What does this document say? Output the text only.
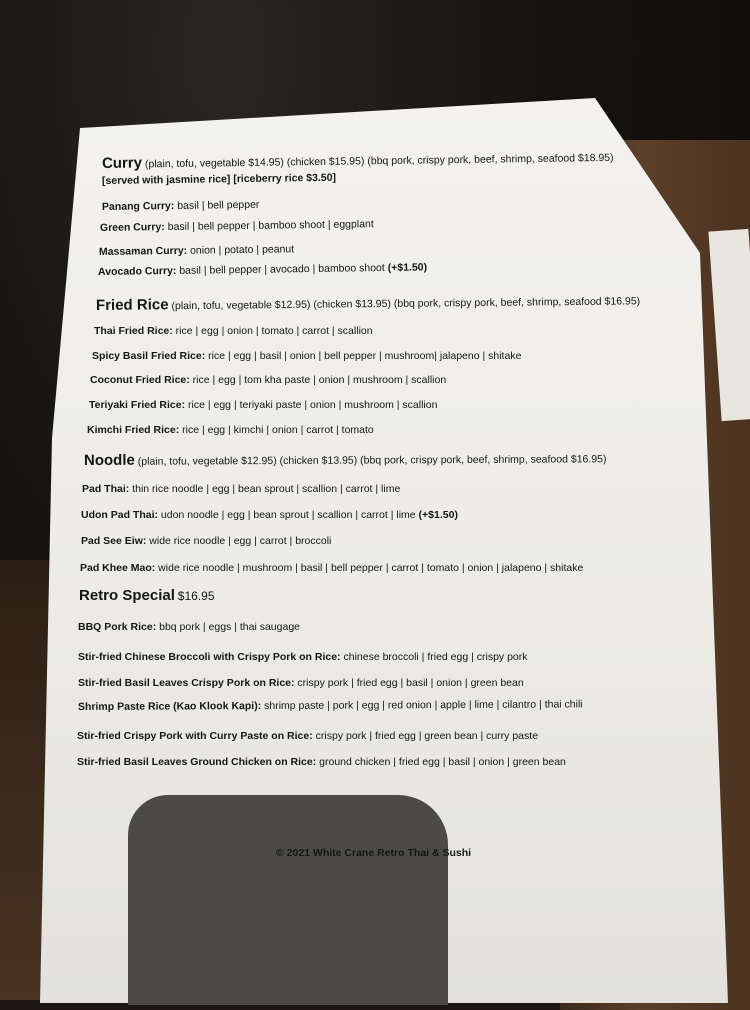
Curry (plain, tofu, vegetable $14.95) (chicken $15.95) (bbq pork, crispy pork, beef, shrimp, seafood $18.95)
[served with jasmine rice] [riceberry rice $3.50]
Panang Curry: basil | bell pepper
Green Curry: basil | bell pepper | bamboo shoot | eggplant
Massaman Curry: onion | potato | peanut
Avocado Curry: basil | bell pepper | avocado | bamboo shoot (+$1.50)
Fried Rice (plain, tofu, vegetable $12.95) (chicken $13.95) (bbq pork, crispy pork, beef, shrimp, seafood $16.95)
Thai Fried Rice: rice | egg | onion | tomato | carrot | scallion
Spicy Basil Fried Rice: rice | egg | basil | onion | bell pepper | mushroom| jalapeno | shitake
Coconut Fried Rice: rice | egg | tom kha paste | onion | mushroom | scallion
Teriyaki Fried Rice: rice | egg | teriyaki paste | onion | mushroom | scallion
Kimchi Fried Rice: rice | egg | kimchi | onion | carrot | tomato
Noodle (plain, tofu, vegetable $12.95) (chicken $13.95) (bbq pork, crispy pork, beef, shrimp, seafood $16.95)
Pad Thai: thin rice noodle | egg | bean sprout | scallion | carrot | lime
Udon Pad Thai: udon noodle | egg | bean sprout | scallion | carrot | lime (+$1.50)
Pad See Eiw: wide rice noodle | egg | carrot | broccoli
Pad Khee Mao: wide rice noodle | mushroom | basil | bell pepper | carrot | tomato | onion | jalapeno | shitake
Retro Special $16.95
BBQ Pork Rice: bbq pork | eggs | thai saugage
Stir-fried Chinese Broccoli with Crispy Pork on Rice: chinese broccoli | fried egg | crispy pork
Stir-fried Basil Leaves Crispy Pork on Rice: crispy pork | fried egg | basil | onion | green bean
Shrimp Paste Rice (Kao Klook Kapi): shrimp paste | pork | egg | red onion | apple | lime | cilantro | thai chili
Stir-fried Crispy Pork with Curry Paste on Rice: crispy pork | fried egg | green bean | curry paste
Stir-fried Basil Leaves Ground Chicken on Rice: ground chicken | fried egg | basil | onion | green bean
© 2021 White Crane Retro Thai & Sushi
